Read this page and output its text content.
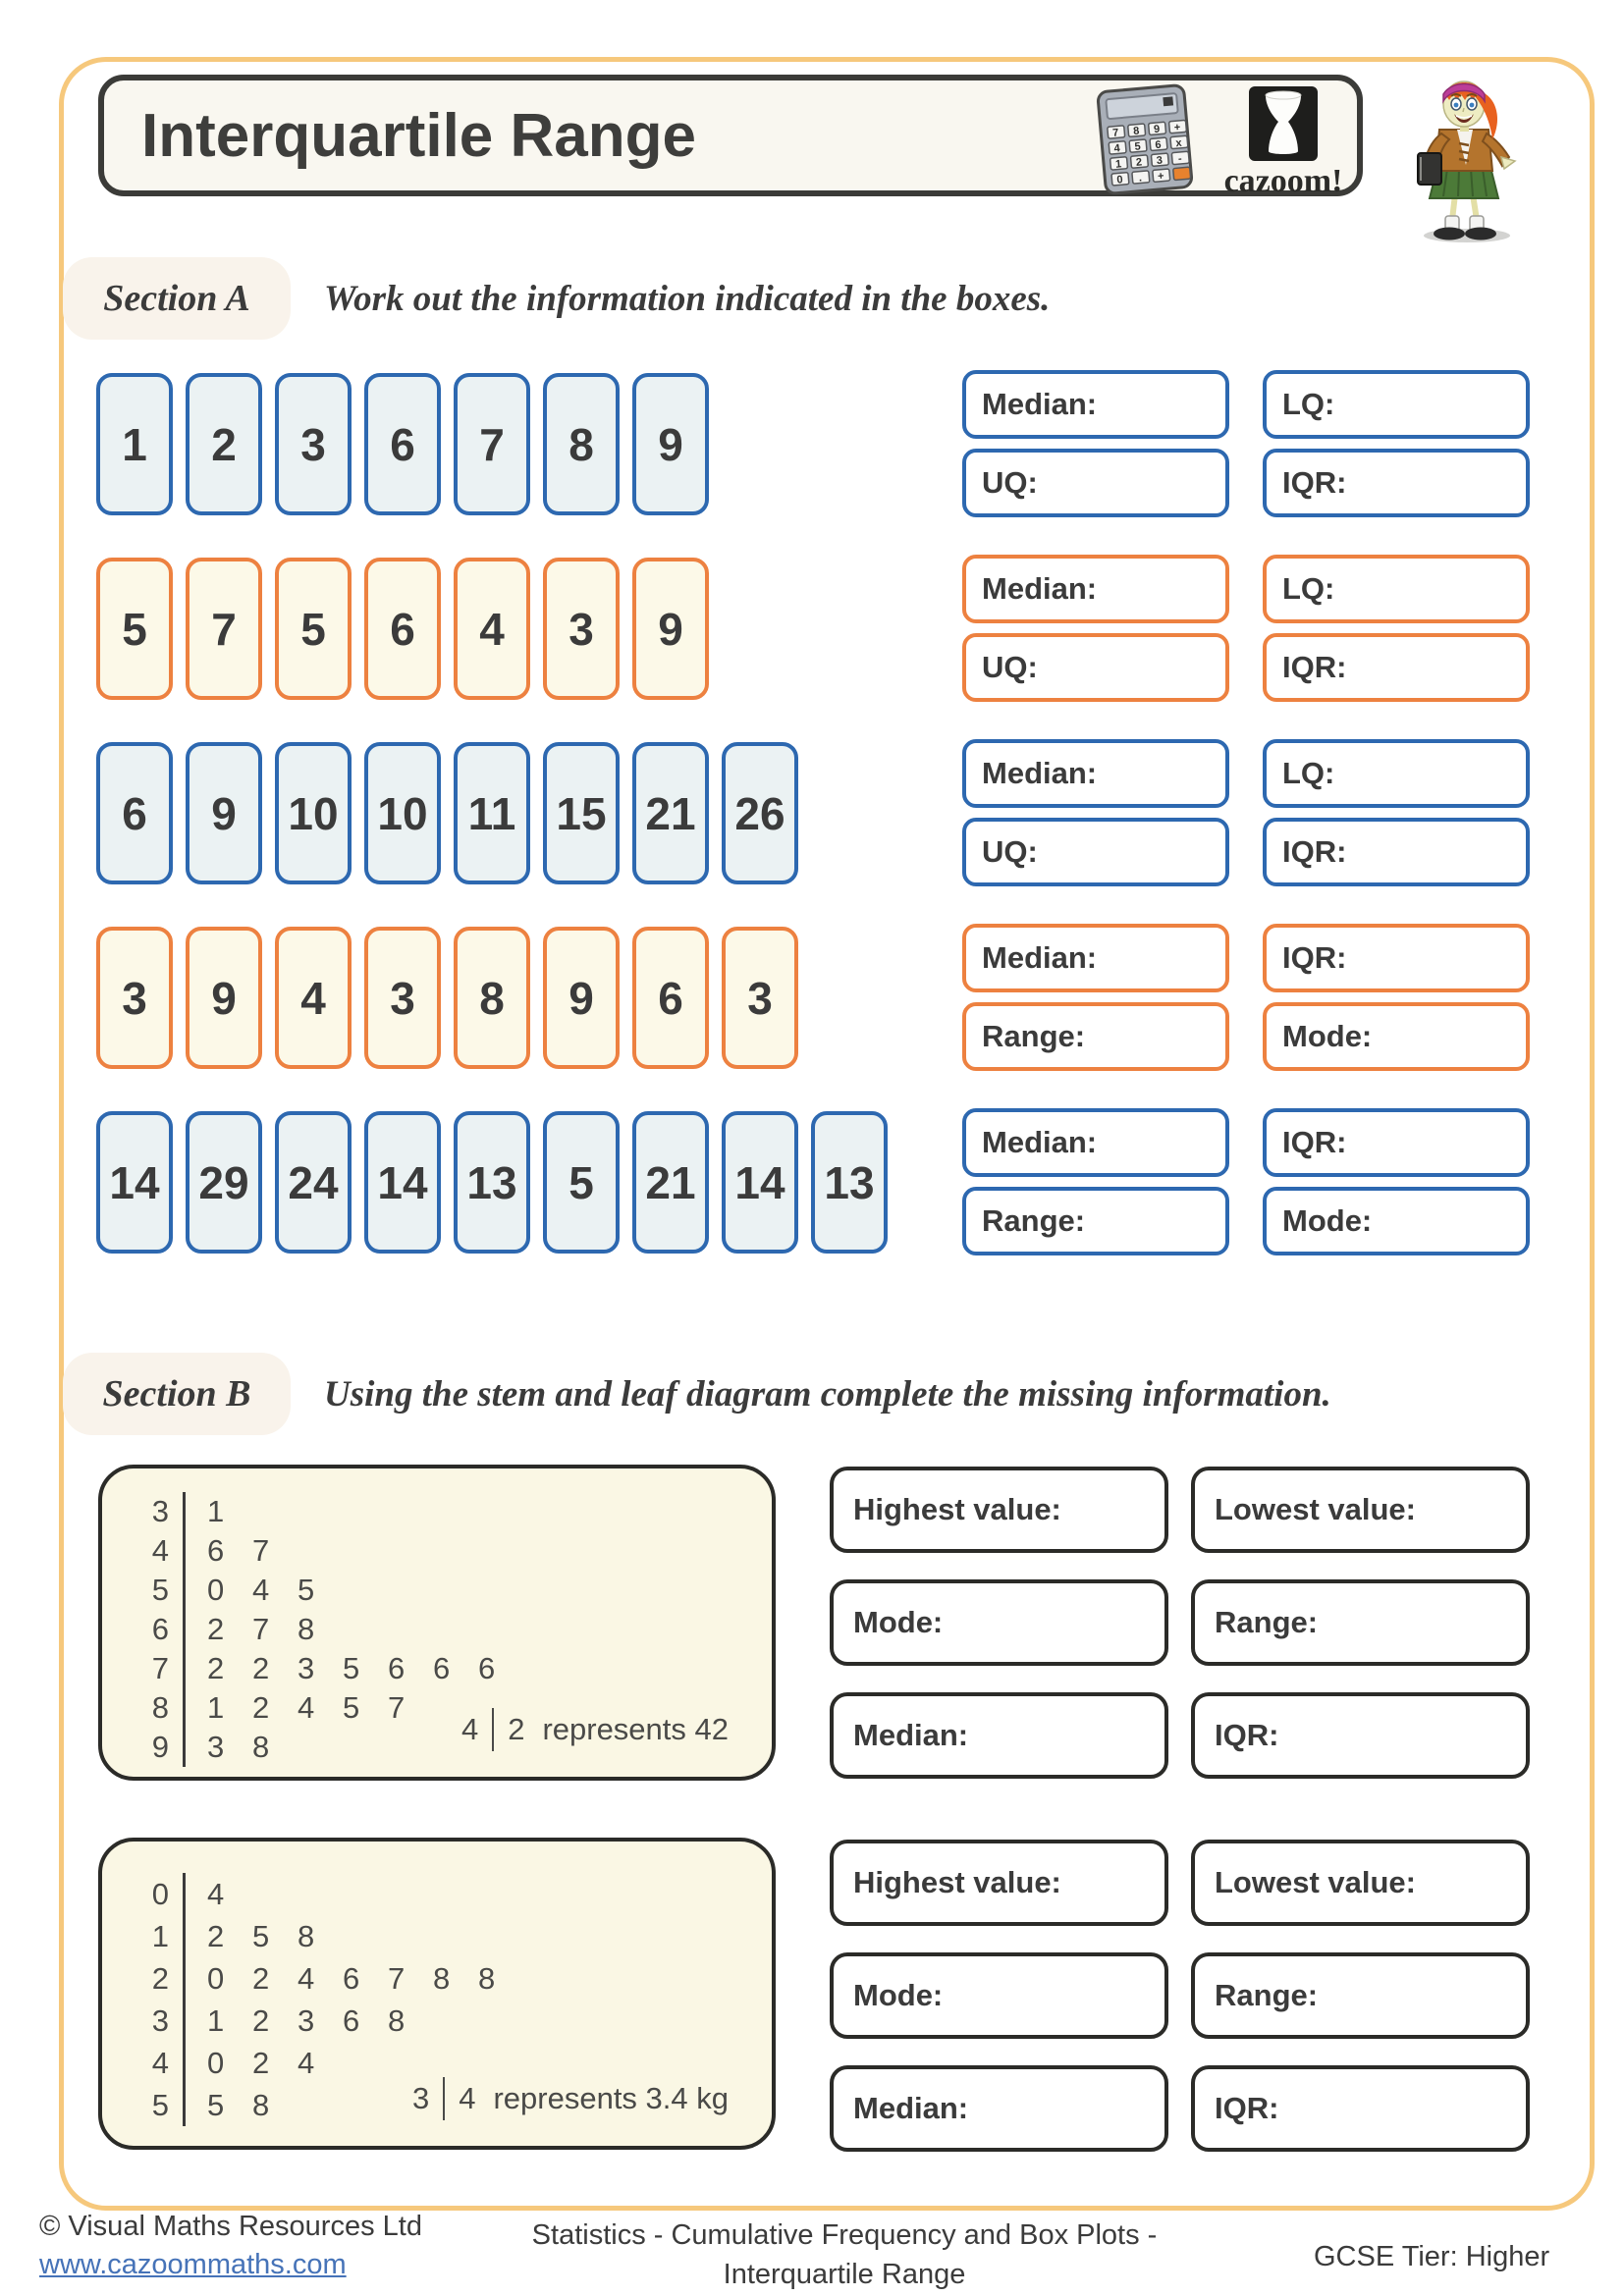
Interquartile Range	7 8 9 +
4 5 6 x
1 2 3 -
0 . + cazoom!
Section A Work out the information indicated in the boxes.
1 2 3 6 7 8 9
Median:	LQ:
UQ:	IQR:
5 7 5 6 4 3 9
Median:	LQ:
UQ:	IQR:
6 9 10 10 11 15 21 26
Median:	LQ:
UQ:	IQR:
3 9 4 3 8 9 6 3
Median:	IQR:
Range:	Mode:
14 29 24 14 13 5 21 14 13
Median:	IQR:
Range:	Mode:
Section B Using the stem and leaf diagram complete the missing information.
3 1
4 6 7
5 0 4 5
6 2 7 8
7 2 2 3 5 6 6 6
8 1 2 4 5 7
9 3 8
4 2 represents 42
Highest value:	Lowest value:
Mode:	Range:
Median:	IQR:
0 4
1 2 5 8
2 0 2 4 6 7 8 8
3 1 2 3 6 8
4 0 2 4
5 5 8	3 4 represents 3.4 kg
Highest value:	Lowest value:
Mode:	Range:
Median:	IQR:
© Visual Maths Resources Ltd
www.cazoommaths.com
Statistics - Cumulative Frequency and Box Plots -
Interquartile Range
GCSE Tier: Higher
